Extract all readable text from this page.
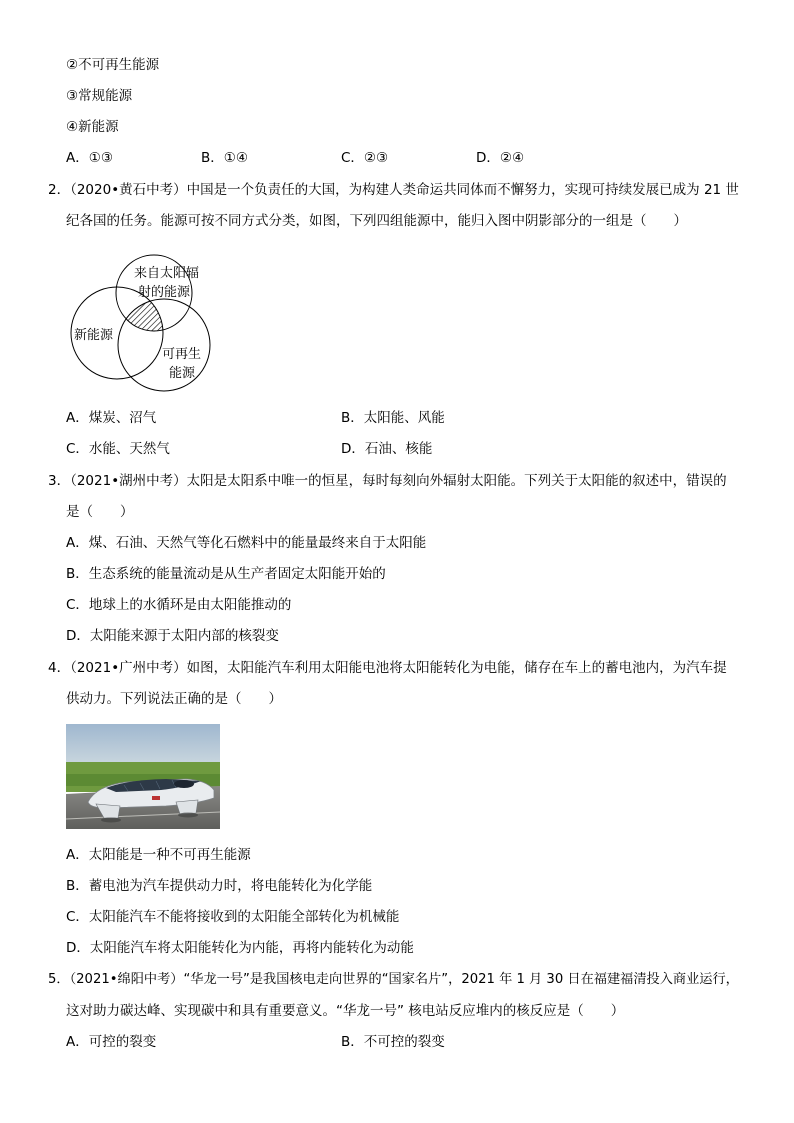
②不可再生能源
③常规能源
④新能源
A．①③	B．①④	C．②③	D．②④
2．（2020•黄石中考）中国是一个负责任的大国，为构建人类命运共同体而不懈努力，实现可持续发展已成为 21 世
纪各国的任务。能源可按不同方式分类，如图，下列四组能源中，能归入图中阴影部分的一组是（　　）
来自太阳辐
射的能源
新能源
可再生
能源
A．煤炭、沼气	B．太阳能、风能
C．水能、天然气	D．石油、核能
3．（2021•湖州中考）太阳是太阳系中唯一的恒星，每时每刻向外辐射太阳能。下列关于太阳能的叙述中，错误的
是（　　）
A．煤、石油、天然气等化石燃料中的能量最终来自于太阳能
B．生态系统的能量流动是从生产者固定太阳能开始的
C．地球上的水循环是由太阳能推动的
D．太阳能来源于太阳内部的核裂变
4．（2021•广州中考）如图，太阳能汽车利用太阳能电池将太阳能转化为电能，储存在车上的蓄电池内，为汽车提
供动力。下列说法正确的是（　　）
A．太阳能是一种不可再生能源
B．蓄电池为汽车提供动力时，将电能转化为化学能
C．太阳能汽车不能将接收到的太阳能全部转化为机械能
D．太阳能汽车将太阳能转化为内能，再将内能转化为动能
5．（2021•绵阳中考）“华龙一号”是我国核电走向世界的“国家名片”，2021 年 1 月 30 日在福建福清投入商业运行，
这对助力碳达峰、实现碳中和具有重要意义。“华龙一号” 核电站反应堆内的核反应是（　　）
A．可控的裂变	B．不可控的裂变
